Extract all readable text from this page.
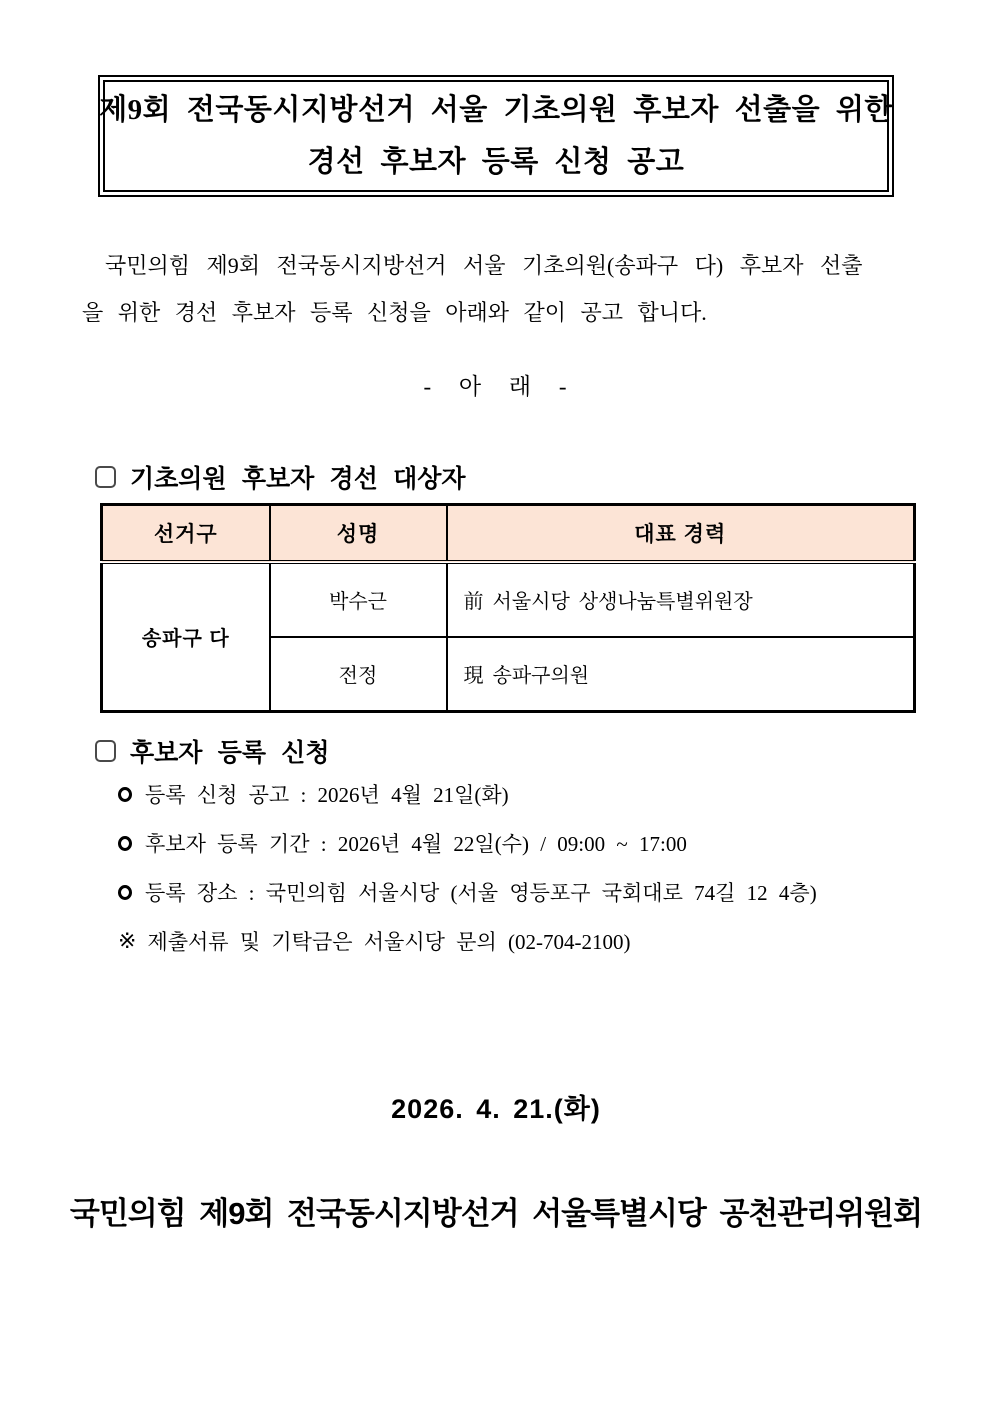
제9회 전국동시지방선거 서울 기초의원 후보자 선출을 위한
경선 후보자 등록 신청 공고
국민의힘 제9회 전국동시지방선거 서울 기초의원(송파구 다) 후보자 선출
을 위한 경선 후보자 등록 신청을 아래와 같이 공고 합니다.
- 아 래 -
기초의원 후보자 경선 대상자
선거구	성명	대표 경력
송파구 다	박수근	前 서울시당 상생나눔특별위원장
	전정	現 송파구의원
후보자 등록 신청
등록 신청 공고 : 2026년 4월 21일(화)
후보자 등록 기간 : 2026년 4월 22일(수) / 09:00 ~ 17:00
등록 장소 : 국민의힘 서울시당 (서울 영등포구 국회대로 74길 12 4층)
※ 제출서류 및 기탁금은 서울시당 문의 (02-704-2100)
2026. 4. 21.(화)
국민의힘 제9회 전국동시지방선거 서울특별시당 공천관리위원회
